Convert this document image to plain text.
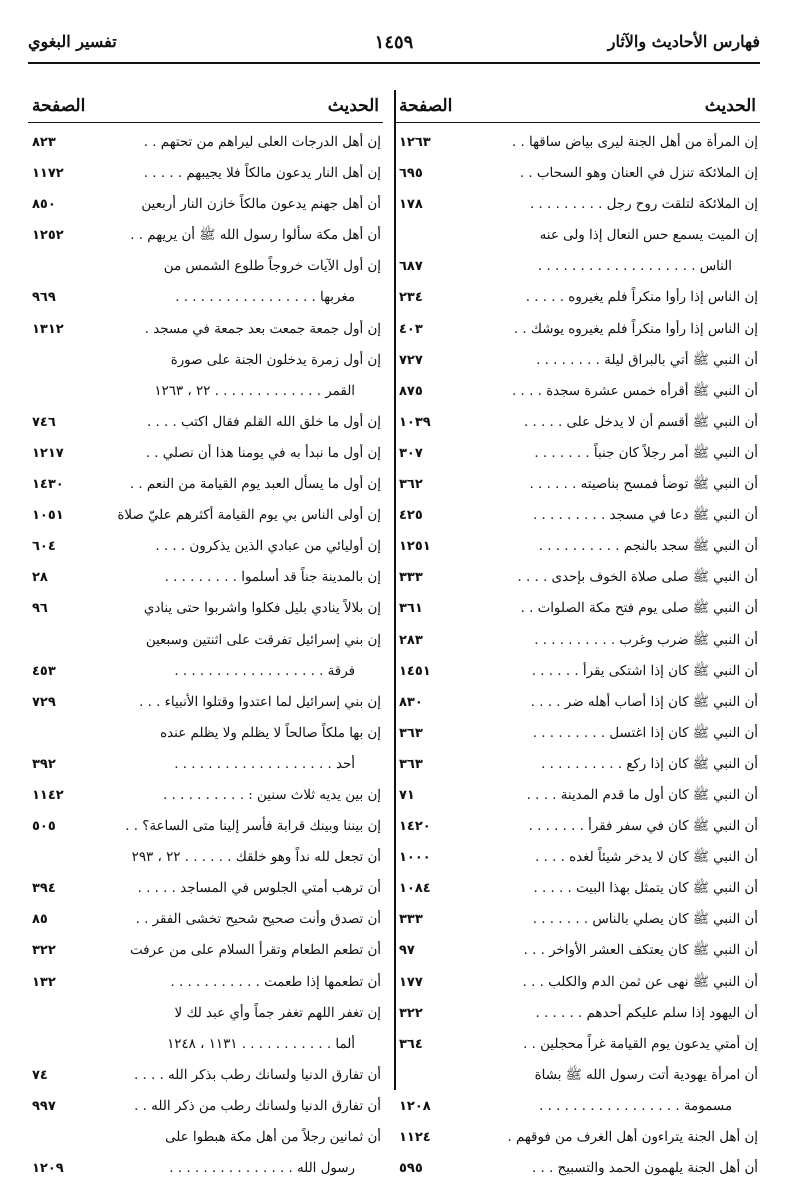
فهارس الأحاديث والآثار
١٤٥٩
تفسير البغوي
الحديث
الصفحة
إن المرأة من أهل الجنة ليرى بياض ساقها . .
١٢٦٣
إن الملائكة تنزل في العنان وهو السحاب . .
٦٩٥
إن الملائكة لتلقت روح رجل . . . . . . . . .
١٧٨
إن الميت يسمع حس النعال إذا ولى عنه
الناس . . . . . . . . . . . . . . . . . . .
٦٨٧
إن الناس إذا رأوا منكراً فلم يغيروه . . . . .
٢٣٤
إن الناس إذا رأوا منكراً فلم يغيروه يوشك . .
٤٠٣
أن النبي ﷺ أتي بالبراق ليلة . . . . . . . .
٧٢٧
أن النبي ﷺ أقرأه خمس عشرة سجدة . . . .
٨٧٥
أن النبي ﷺ أقسم أن لا يدخل على . . . . .
١٠٣٩
أن النبي ﷺ أمر رجلاً كان جنباً . . . . . . .
٣٠٧
أن النبي ﷺ توضأ فمسح بناصيته . . . . . .
٣٦٢
أن النبي ﷺ دعا في مسجد . . . . . . . . .
٤٢٥
أن النبي ﷺ سجد بالنجم . . . . . . . . . .
١٢٥١
أن النبي ﷺ صلى صلاة الخوف بإحدى . . . .
٣٣٣
أن النبي ﷺ صلى يوم فتح مكة الصلوات . .
٣٦١
أن النبي ﷺ ضرب وغرب . . . . . . . . . .
٢٨٣
أن النبي ﷺ كان إذا اشتكى يقرأ . . . . . .
١٤٥١
أن النبي ﷺ كان إذا أصاب أهله ضر . . . .
٨٣٠
أن النبي ﷺ كان إذا اغتسل . . . . . . . . .
٣٦٣
أن النبي ﷺ كان إذا ركع . . . . . . . . . .
٣٦٣
أن النبي ﷺ كان أول ما قدم المدينة . . . .
٧١
أن النبي ﷺ كان في سفر فقرأ . . . . . . .
١٤٢٠
أن النبي ﷺ كان لا يدخر شيئاً لغده . . . .
١٠٠٠
أن النبي ﷺ كان يتمثل بهذا البيت . . . . .
١٠٨٤
أن النبي ﷺ كان يصلي بالناس . . . . . . .
٣٣٣
أن النبي ﷺ كان يعتكف العشر الأواخر . . .
٩٧
أن النبي ﷺ نهى عن ثمن الدم والكلب . . .
١٧٧
أن اليهود إذا سلم عليكم أحدهم . . . . . .
٣٢٢
إن أمتي يدعون يوم القيامة غراً محجلين . .
٣٦٤
أن امرأة يهودية أتت رسول الله ﷺ بشاة
مسمومة . . . . . . . . . . . . . . . . .
١٢٠٨
إن أهل الجنة يتراءون أهل الغرف من فوقهم .
١١٢٤
أن أهل الجنة يلهمون الحمد والتسبيح . . .
٥٩٥
الحديث
الصفحة
إن أهل الدرجات العلى ليراهم من تحتهم . .
٨٢٣
إن أهل النار يدعون مالكاً فلا يجيبهم . . . . .
١١٧٢
أن أهل جهنم يدعون مالكاً خازن النار أربعين
٨٥٠
أن أهل مكة سألوا رسول الله ﷺ أن يريهم . .
١٢٥٢
إن أول الآيات خروجاً طلوع الشمس من
مغربها . . . . . . . . . . . . . . . . .
٩٦٩
إن أول جمعة جمعت بعد جمعة في مسجد .
١٣١٢
إن أول زمرة يدخلون الجنة على صورة
القمر . . . . . . . . . . . . . ٢٢ ، ١٢٦٣
إن أول ما خلق الله القلم فقال اكتب . . . .
٧٤٦
إن أول ما نبدأ به في يومنا هذا أن نصلي . .
١٢١٧
إن أول ما يسأل العبد يوم القيامة من النعم . .
١٤٣٠
إن أولى الناس بي يوم القيامة أكثرهم عليّ صلاة
١٠٥١
إن أوليائي من عبادي الذين يذكرون . . . .
٦٠٤
إن بالمدينة جناً قد أسلموا . . . . . . . . .
٢٨
إن بلالاً ينادي بليل فكلوا واشربوا حتى ينادي
٩٦
إن بني إسرائيل تفرقت على اثنتين وسبعين
فرقة . . . . . . . . . . . . . . . . . .
٤٥٣
إن بني إسرائيل لما اعتدوا وقتلوا الأنبياء . . .
٧٢٩
إن بها ملكاً صالحاً لا يظلم ولا يظلم عنده
أحد . . . . . . . . . . . . . . . . . . .
٣٩٢
إن بين يديه ثلاث سنين : . . . . . . . . . .
١١٤٢
إن بيننا وبينك قرابة فأسر إلينا متى الساعة؟ . .
٥٠٥
أن تجعل لله نداً وهو خلقك . . . . . . ٢٢ ، ٢٩٣
أن ترهب أمتي الجلوس في المساجد . . . . .
٣٩٤
أن تصدق وأنت صحيح شحيح تخشى الفقر . .
٨٥
أن تطعم الطعام وتقرأ السلام على من عرفت
٣٢٢
أن تطعمها إذا طعمت . . . . . . . . . . .
١٣٢
إن تغفر اللهم تغفر جماً وأي عبد لك لا
ألما . . . . . . . . . . . ١١٣١ ، ١٢٤٨
أن تفارق الدنيا ولسانك رطب بذكر الله . . . .
٧٤
أن تفارق الدنيا ولسانك رطب من ذكر الله . .
٩٩٧
أن ثمانين رجلاً من أهل مكة هبطوا على
رسول الله . . . . . . . . . . . . . . .
١٢٠٩
